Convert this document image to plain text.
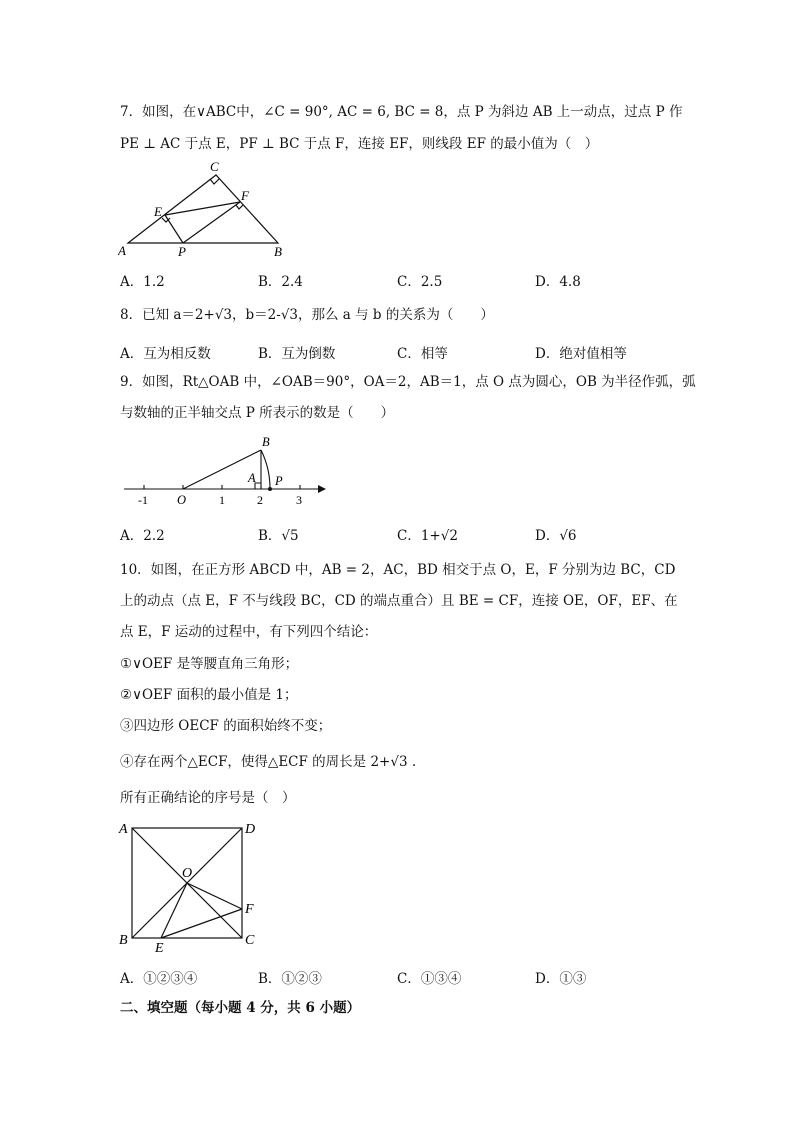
7．如图，在∨ABC中，∠C = 90°, AC = 6, BC = 8，点 P 为斜边 AB 上一动点，过点 P 作
PE ⊥ AC 于点 E，PF ⊥ BC 于点 F，连接 EF，则线段 EF 的最小值为（　）
C
F
E
A	P	B
A．1.2	B．2.4	C．2.5	D．4.8
8．已知 a＝2+√3，b＝2-√3，那么 a 与 b 的关系为（　　）
A．互为相反数	B．互为倒数	C．相等	D．绝对值相等
9．如图，Rt△OAB 中，∠OAB＝90°，OA＝2，AB＝1，点 O 点为圆心，OB 为半径作弧，弧
与数轴的正半轴交点 P 所表示的数是（　　）
B
A P
O
-1	1	2	3
A．2.2	B．√5	C．1+√2	D．√6
10．如图，在正方形 ABCD 中，AB = 2，AC，BD 相交于点 O，E，F 分别为边 BC，CD
上的动点（点 E，F 不与线段 BC，CD 的端点重合）且 BE = CF，连接 OE，OF，EF、在
点 E，F 运动的过程中，有下列四个结论：
①∨OEF 是等腰直角三角形；
②∨OEF 面积的最小值是 1；
③四边形 OECF 的面积始终不变；
④存在两个△ECF，使得△ECF 的周长是 2+√3 .
所有正确结论的序号是（　）
A	D
O
F
B
E
C
A．①②③④	B．①②③	C．①③④	D．①③
二、填空题（每小题 4 分，共 6 小题）
